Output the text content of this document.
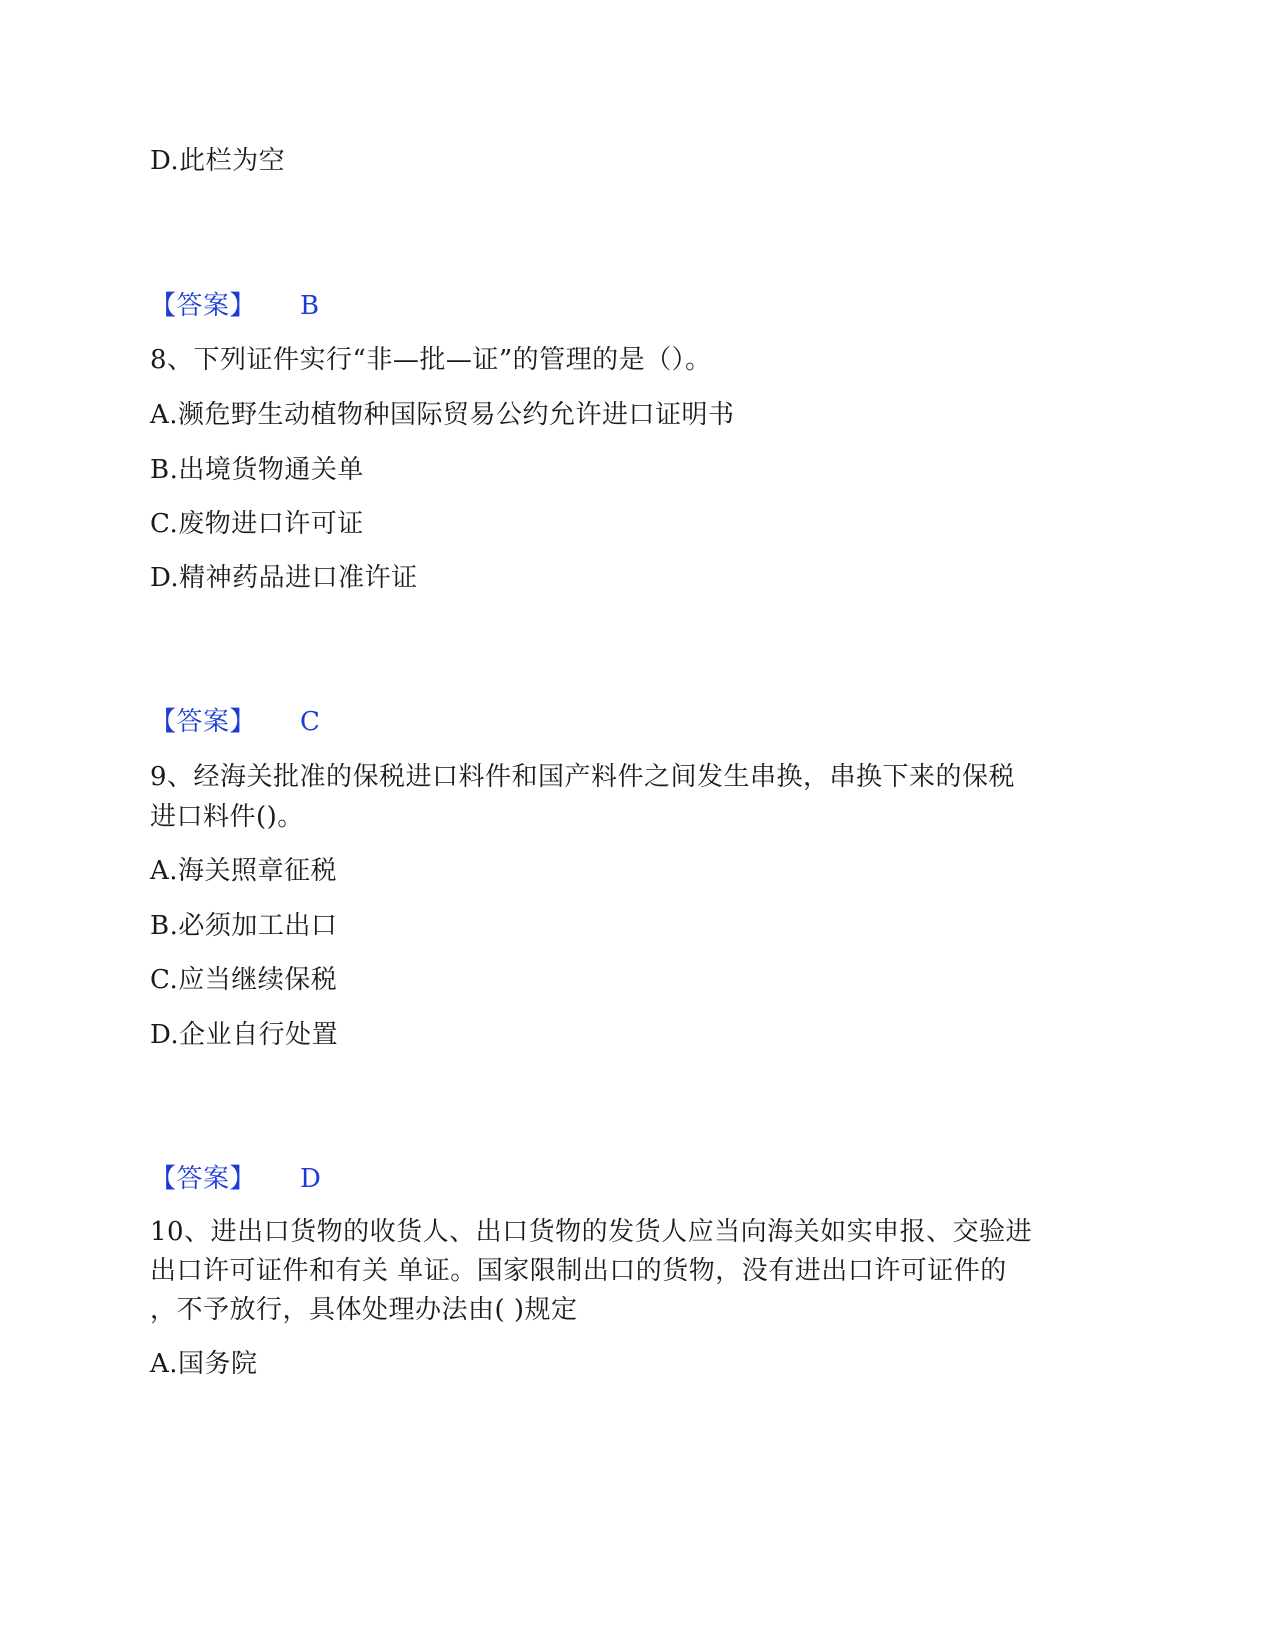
D.此栏为空
【答案】 B
8、下列证件实行“非—批—证”的管理的是（）。
A.濒危野生动植物种国际贸易公约允许进口证明书
B.出境货物通关单
C.废物进口许可证
D.精神药品进口准许证
【答案】 C
9、经海关批准的保税进口料件和国产料件之间发生串换，串换下来的保税
进口料件()。
A.海关照章征税
B.必须加工出口
C.应当继续保税
D.企业自行处置
【答案】 D
10、进出口货物的收货人、出口货物的发货人应当向海关如实申报、交验进
出口许可证件和有关 单证。国家限制出口的货物，没有进出口许可证件的
，不予放行，具体处理办法由( )规定
A.国务院
